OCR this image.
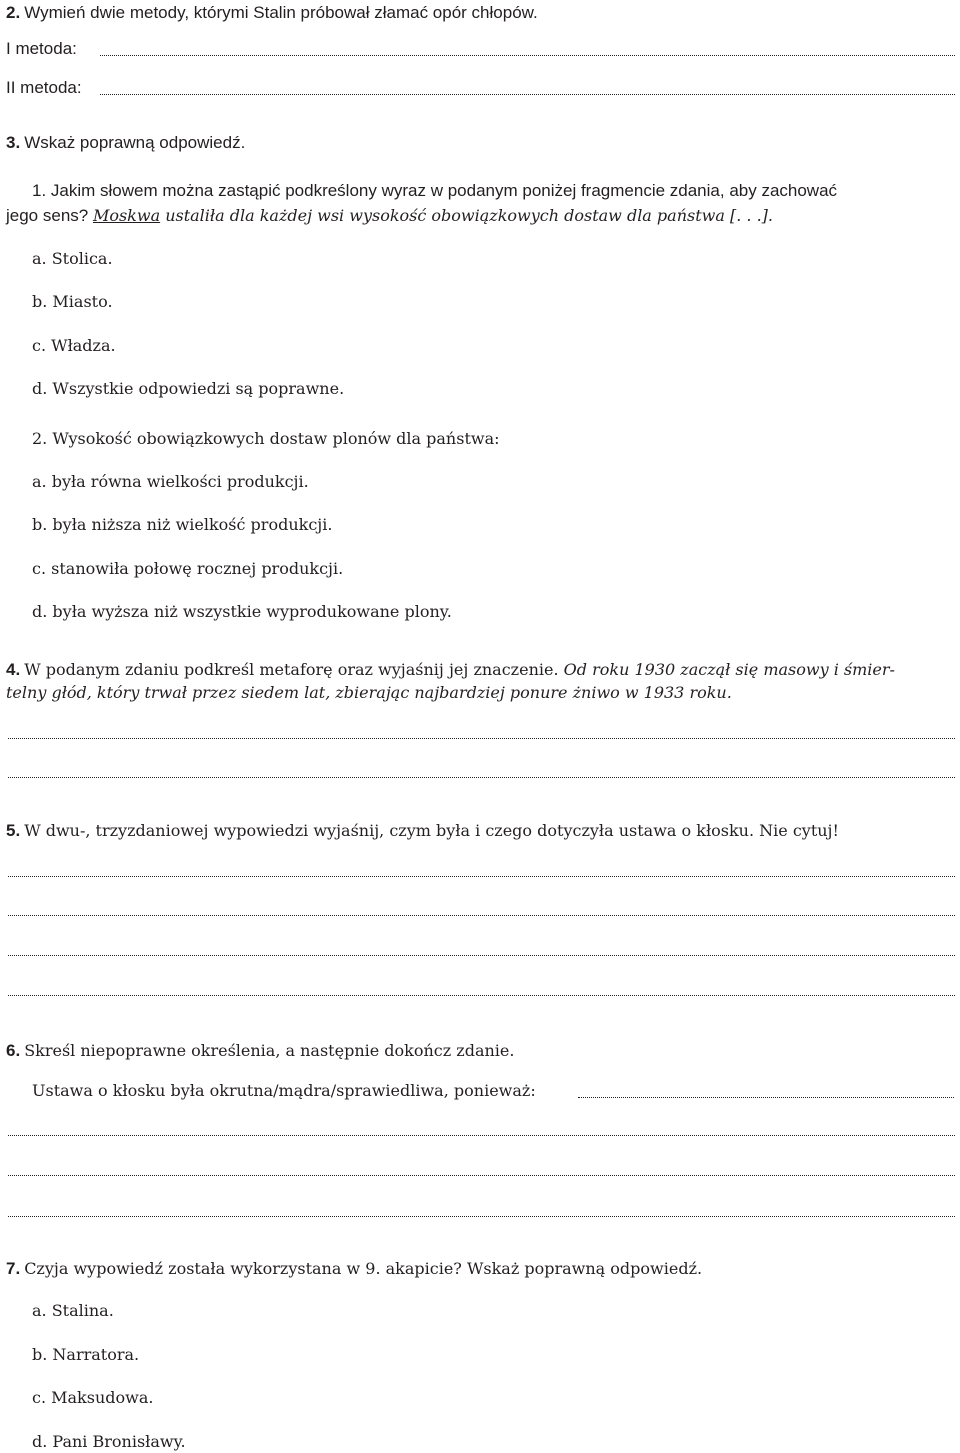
2. Wymień dwie metody, którymi Stalin próbował złamać opór chłopów.
I metoda:
II metoda:
3. Wskaż poprawną odpowiedź.
1. Jakim słowem można zastąpić podkreślony wyraz w podanym poniżej fragmencie zdania, aby zachować
jego sens? Moskwa ustaliła dla każdej wsi wysokość obowiązkowych dostaw dla państwa [. . .].
a. Stolica.
b. Miasto.
c. Władza.
d. Wszystkie odpowiedzi są poprawne.
2. Wysokość obowiązkowych dostaw plonów dla państwa:
a. była równa wielkości produkcji.
b. była niższa niż wielkość produkcji.
c. stanowiła połowę rocznej produkcji.
d. była wyższa niż wszystkie wyprodukowane plony.
4. W podanym zdaniu podkreśl metaforę oraz wyjaśnij jej znaczenie. Od roku 1930 zaczął się masowy i śmier-
telny głód, który trwał przez siedem lat, zbierając najbardziej ponure żniwo w 1933 roku.
5. W dwu-, trzyzdaniowej wypowiedzi wyjaśnij, czym była i czego dotyczyła ustawa o kłosku. Nie cytuj!
6. Skreśl niepoprawne określenia, a następnie dokończ zdanie.
Ustawa o kłosku była okrutna/mądra/sprawiedliwa, ponieważ:
7. Czyja wypowiedź została wykorzystana w 9. akapicie? Wskaż poprawną odpowiedź.
a. Stalina.
b. Narratora.
c. Maksudowa.
d. Pani Bronisławy.
